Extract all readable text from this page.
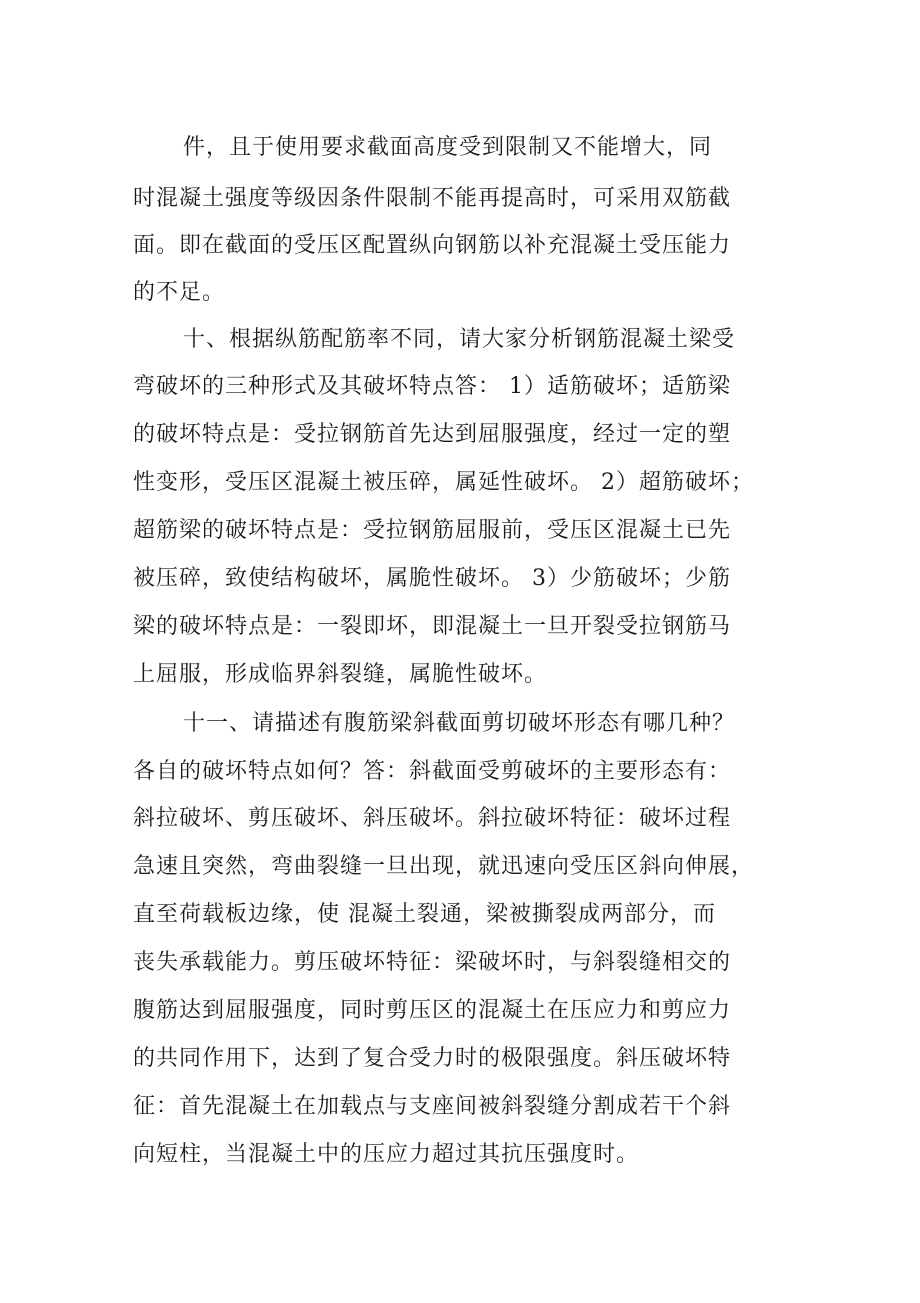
件，且于使用要求截面高度受到限制又不能增大，同
时混凝土强度等级因条件限制不能再提高时，可采用双筋截
面。即在截面的受压区配置纵向钢筋以补充混凝土受压能力
的不足。
十、根据纵筋配筋率不同，请大家分析钢筋混凝土梁受
弯破坏的三种形式及其破坏特点答： 1）适筋破坏；适筋梁
的破坏特点是：受拉钢筋首先达到屈服强度，经过一定的塑
性变形，受压区混凝土被压碎，属延性破坏。 2）超筋破坏；
超筋梁的破坏特点是：受拉钢筋屈服前，受压区混凝土已先
被压碎，致使结构破坏，属脆性破坏。 3）少筋破坏；少筋
梁的破坏特点是：一裂即坏，即混凝土一旦开裂受拉钢筋马
上屈服，形成临界斜裂缝，属脆性破坏。
十一、请描述有腹筋梁斜截面剪切破坏形态有哪几种？
各自的破坏特点如何？答：斜截面受剪破坏的主要形态有：
斜拉破坏、剪压破坏、斜压破坏。斜拉破坏特征：破坏过程
急速且突然，弯曲裂缝一旦出现，就迅速向受压区斜向伸展，
直至荷载板边缘，使 混凝土裂通，梁被撕裂成两部分，而
丧失承载能力。剪压破坏特征：梁破坏时，与斜裂缝相交的
腹筋达到屈服强度，同时剪压区的混凝土在压应力和剪应力
的共同作用下，达到了复合受力时的极限强度。斜压破坏特
征：首先混凝土在加载点与支座间被斜裂缝分割成若干个斜
向短柱，当混凝土中的压应力超过其抗压强度时。
